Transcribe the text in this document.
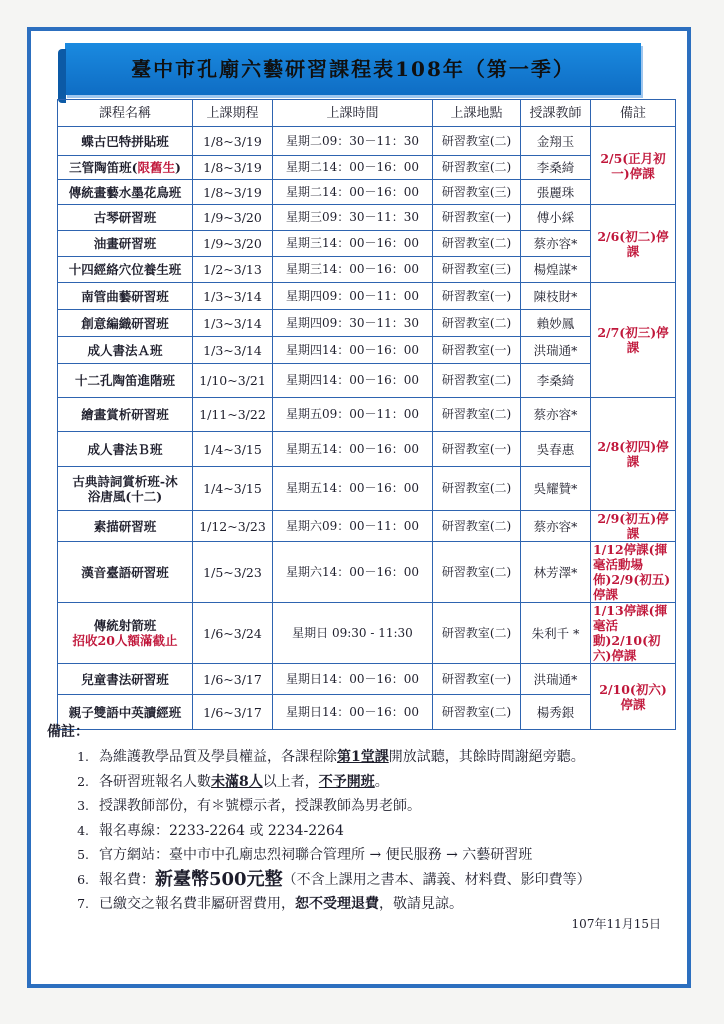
臺中市孔廟六藝研習課程表108年（第一季）
課程名稱	上課期程	上課時間	上課地點	授課教師	備註
蝶古巴特拼貼班	1/8~3/19	星期二09：30－11：30	研習教室(二)	金翔玉	2/5(正月初一)停課
三管陶笛班(限舊生)	1/8~3/19	星期二14：00－16：00	研習教室(二)	李桑綺	
傳統畫藝水墨花鳥班	1/8~3/19	星期二14：00－16：00	研習教室(三)	張麗珠	
古琴研習班	1/9~3/20	星期三09：30－11：30	研習教室(一)	傅小綵	2/6(初二)停課
油畫研習班	1/9~3/20	星期三14：00－16：00	研習教室(二)	蔡亦容*	
十四經絡穴位養生班	1/2~3/13	星期三14：00－16：00	研習教室(三)	楊煌謀*	
南管曲藝研習班	1/3~3/14	星期四09：00－11：00	研習教室(一)	陳枝財*	2/7(初三)停課
創意編織研習班	1/3~3/14	星期四09：30－11：30	研習教室(二)	賴妙鳳	
成人書法Ａ班	1/3~3/14	星期四14：00－16：00	研習教室(一)	洪瑞通*	
十二孔陶笛進階班	1/10~3/21	星期四14：00－16：00	研習教室(二)	李桑綺	
繪畫賞析研習班	1/11~3/22	星期五09：00－11：00	研習教室(二)	蔡亦容*	2/8(初四)停課
成人書法Ｂ班	1/4~3/15	星期五14：00－16：00	研習教室(一)	吳春惠	
古典詩詞賞析班-沐浴唐風(十二)	1/4~3/15	星期五14：00－16：00	研習教室(二)	吳耀贊*	
素描研習班	1/12~3/23	星期六09：00－11：00	研習教室(二)	蔡亦容*	2/9(初五)停課
漢音臺語研習班	1/5~3/23	星期六14：00－16：00	研習教室(二)	林芳澤*	1/12停課(揮毫活動場佈)2/9(初五)停課

傳統射箭班
招收20人額滿截止	1/6~3/24	星期日 09:30 - 11:30	研習教室(二)	朱利千 *	1/13停課(揮毫活動)2/10(初六)停課
兒童書法研習班	1/6~3/17	星期日14：00－16：00	研習教室(一)	洪瑞通*	2/10(初六) 停課
親子雙語中英讀經班	1/6~3/17	星期日14：00－16：00	研習教室(二)	楊秀銀	
備註：
1. 為維護教學品質及學員權益，各課程除 第1堂課 開放試聽，其餘時間謝絕旁聽。
2. 各研習班報名人數 未滿8人 以上者， 不予開班 。
3. 授課教師部份，有＊號標示者，授課教師為男老師。
4. 報名專線：2233-2264 或 2234-2264
5. 官方網站：臺中市中孔廟忠烈祠聯合管理所 → 便民服務 → 六藝研習班
6. 報名費： 新臺幣500元整 （不含上課用之書本、講義、材料費、影印費等）
7. 已繳交之報名費非屬研習費用， 恕不受理退費 ，敬請見諒。
107年11月15日
